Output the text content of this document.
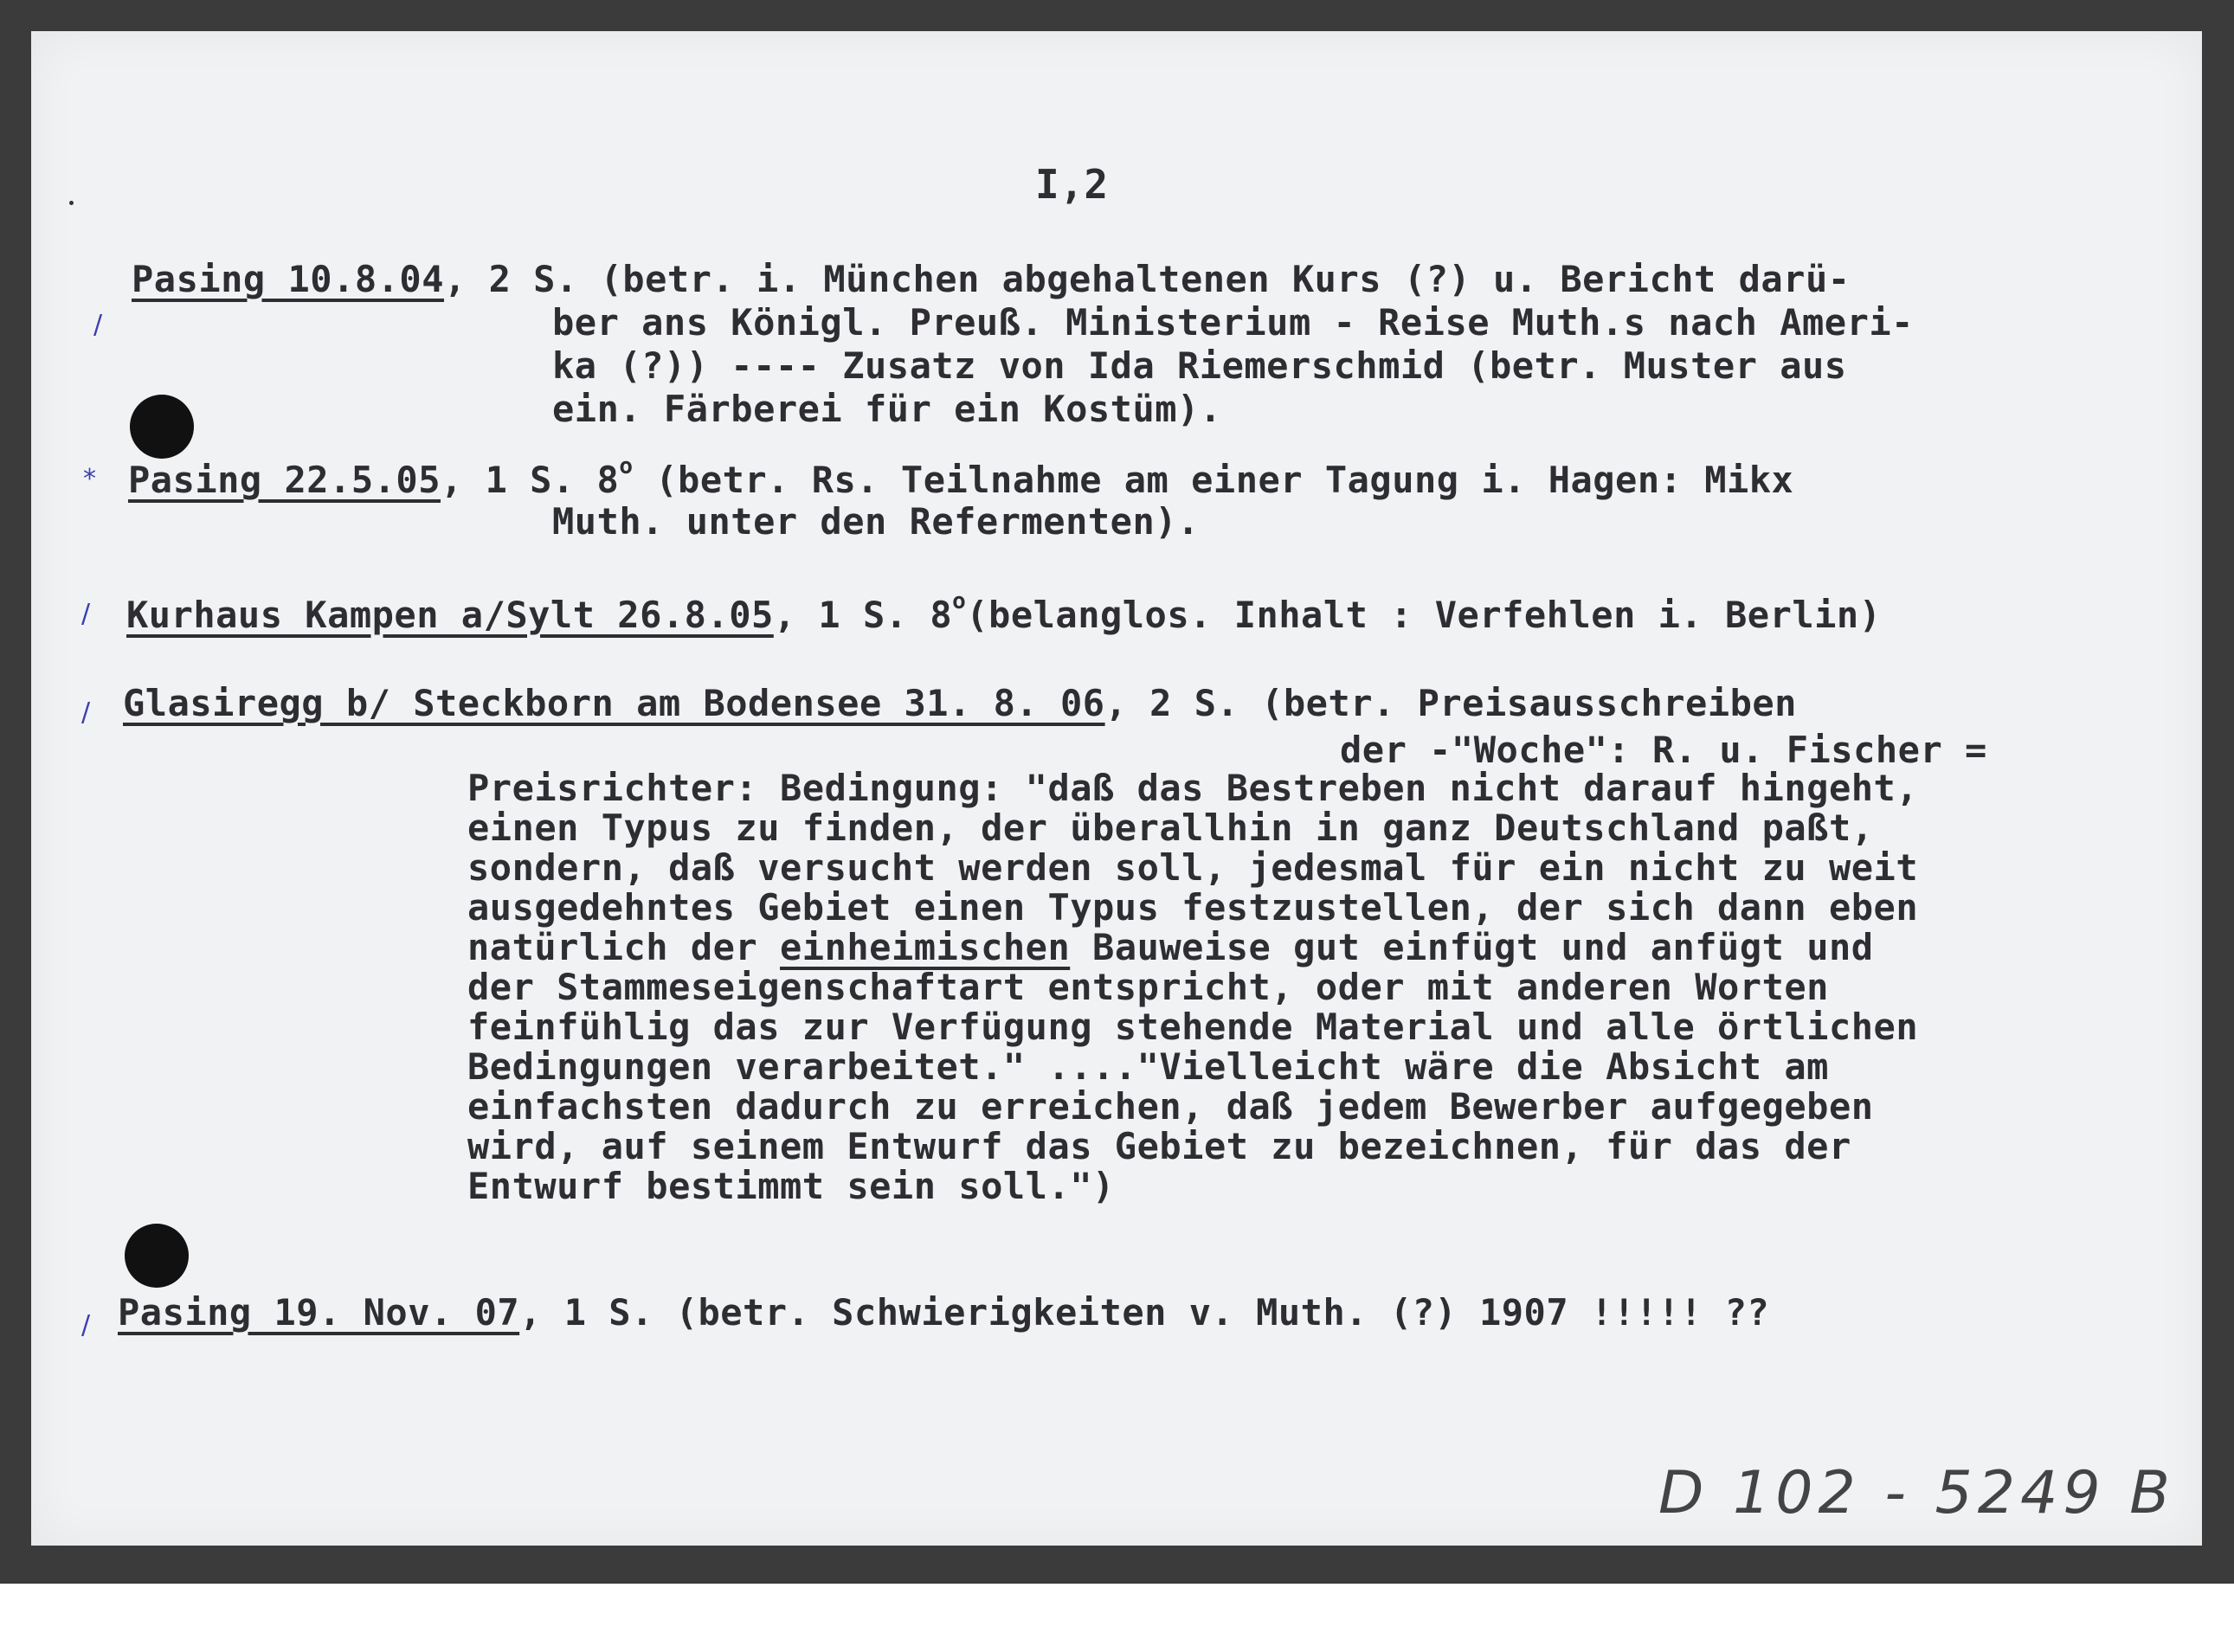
I,2
/
Pasing 10.8.04, 2 S. (betr. i. München abgehaltenen Kurs (?) u. Bericht darü-
ber ans Königl. Preuß. Ministerium - Reise Muth.s nach Ameri-
ka (?)) ---- Zusatz von Ida Riemerschmid (betr. Muster aus
ein. Färberei für ein Kostüm).
* Pasing 22.5.05, 1 S. 8$^o$ (betr. Rs. Teilnahme am einer Tagung i. Hagen: Mikx
Muth. unter den Refermenten).
/ Kurhaus Kampen a/Sylt 26.8.05, 1 S. 8$^o$(belanglos. Inhalt : Verfehlen i. Berlin)
/ Glasiregg b/ Steckborn am Bodensee 31. 8. 06, 2 S. (betr. Preisausschreiben
der -"Woche": R. u. Fischer =
Preisrichter: Bedingung: "daß das Bestreben nicht darauf hingeht,
einen Typus zu finden, der überallhin in ganz Deutschland paßt,
sondern, daß versucht werden soll, jedesmal für ein nicht zu weit
ausgedehntes Gebiet einen Typus festzustellen, der sich dann eben
natürlich der einheimischen Bauweise gut einfügt und anfügt und
der Stammeseigenschaftart entspricht, oder mit anderen Worten
feinfühlig das zur Verfügung stehende Material und alle örtlichen
Bedingungen verarbeitet." ...."Vielleicht wäre die Absicht am
einfachsten dadurch zu erreichen, daß jedem Bewerber aufgegeben
wird, auf seinem Entwurf das Gebiet zu bezeichnen, für das der
Entwurf bestimmt sein soll.")
/ Pasing 19. Nov. 07, 1 S. (betr. Schwierigkeiten v. Muth. (?) 1907 !!!!! ??
D 102 - 5249 B
